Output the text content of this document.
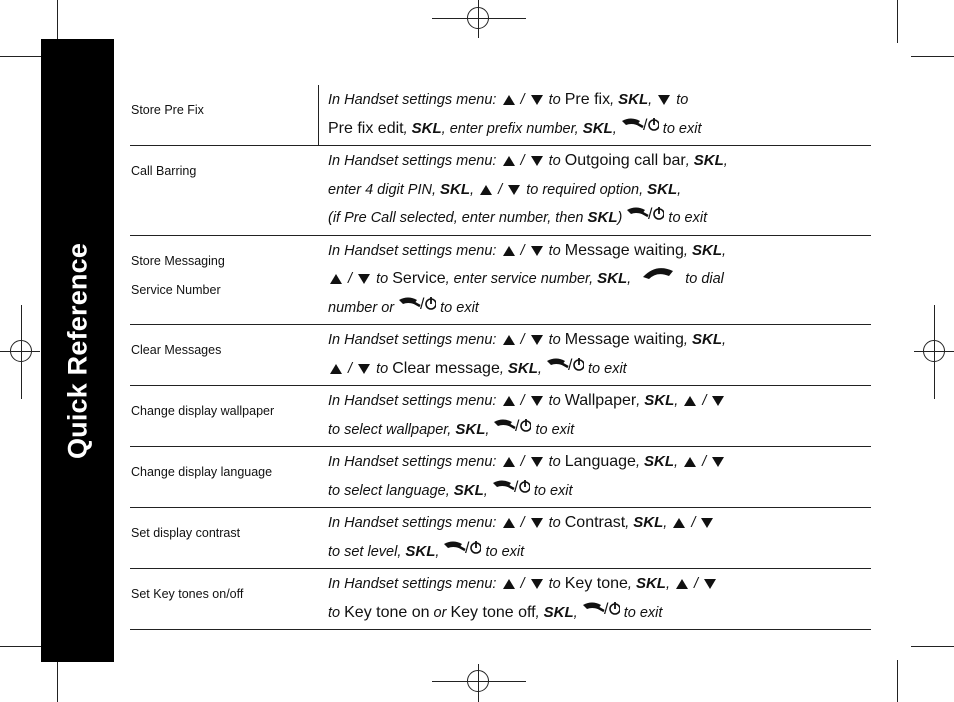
Quick Reference
Store Pre Fix
In Handset settings menu:  /  to Pre fix, SKL,  to
Pre fix edit, SKL, enter prefix number, SKL, / to exit
Call Barring
In Handset settings menu:  /  to Outgoing call bar, SKL,
enter 4 digit PIN, SKL,  /  to required option, SKL,
(if Pre Call selected, enter number, then SKL) / to exit
Store Messaging
Service Number
In Handset settings menu:  /  to Message waiting, SKL,
/  to Service, enter service number, SKL,	to dial
number or / to exit
Clear Messages
In Handset settings menu:  /  to Message waiting, SKL,
/  to Clear message, SKL, / to exit
Change display wallpaper
In Handset settings menu:  /  to Wallpaper, SKL,  /
to select wallpaper, SKL, / to exit
Change display language
In Handset settings menu:  /  to Language, SKL,  /
to select language, SKL, / to exit
Set display contrast
In Handset settings menu:  /  to Contrast, SKL,  /
to set level, SKL, / to exit
Set Key tones on/off
In Handset settings menu:  /  to Key tone, SKL,  /
to Key tone on or Key tone off, SKL, / to exit
